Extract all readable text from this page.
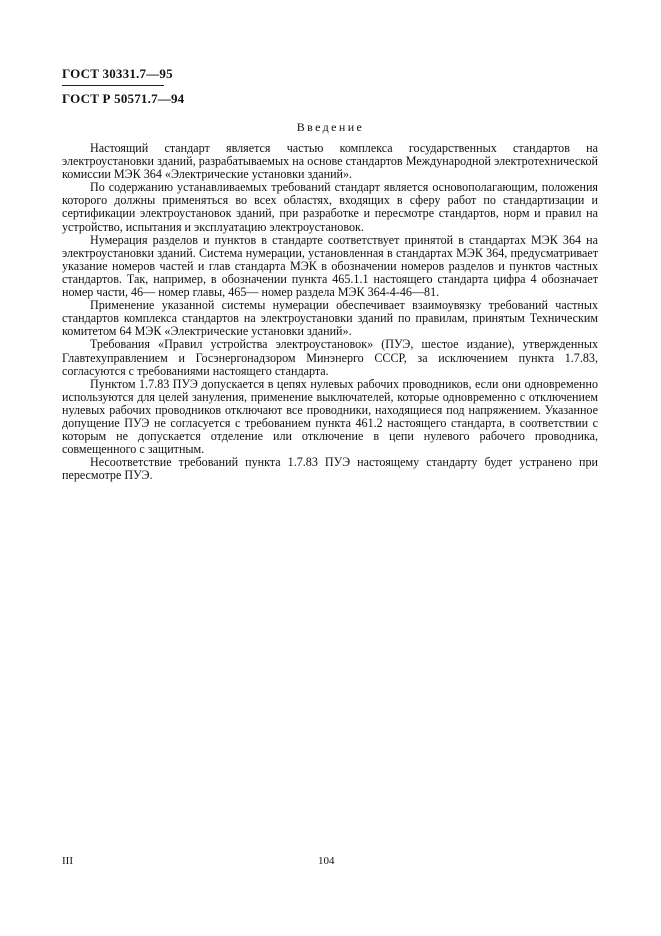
ГОСТ 30331.7—95
ГОСТ Р 50571.7—94
Введение

Настоящий стандарт является частью комплекса государственных стандартов на электроустановки зданий, разрабатываемых на основе стандартов Международной электротехнической комиссии МЭК 364 «Электрические установки зданий».

По содержанию устанавливаемых требований стандарт является основополагающим, положения которого должны применяться во всех областях, входящих в сферу работ по стандартизации и сертификации электроустановок зданий, при разработке и пересмотре стандартов, норм и правил на устройство, испытания и эксплуатацию электроустановок.

Нумерация разделов и пунктов в стандарте соответствует принятой в стандартах МЭК 364 на электроустановки зданий. Система нумерации, установленная в стандартах МЭК 364, предусматривает указание номеров частей и глав стандарта МЭК в обозначении номеров разделов и пунктов частных стандартов. Так, например, в обозначении пункта 465.1.1 настоящего стандарта цифра 4 обозначает номер части, 46— номер главы, 465— номер раздела МЭК 364-4-46—81.

Применение указанной системы нумерации обеспечивает взаимоувязку требований частных стандартов комплекса стандартов на электроустановки зданий по правилам, принятым Техническим комитетом 64 МЭК «Электрические установки зданий».

Требования «Правил устройства электроустановок» (ПУЭ, шестое издание), утвержденных Главтехуправлением и Госэнергонадзором Минэнерго СССР, за исключением пункта 1.7.83, согласуются с требованиями настоящего стандарта.

Пунктом 1.7.83 ПУЭ допускается в цепях нулевых рабочих проводников, если они одновременно используются для целей зануления, применение выключателей, которые одновременно с отключением нулевых рабочих проводников отключают все проводники, находящиеся под напряжением. Указанное допущение ПУЭ не согласуется с требованием пункта 461.2 настоящего стандарта, в соответствии с которым не допускается отделение или отключение в цепи нулевого рабочего проводника, совмещенного с защитным.

Несоответствие требований пункта 1.7.83 ПУЭ настоящему стандарту будет устранено при пересмотре ПУЭ.

III	104
